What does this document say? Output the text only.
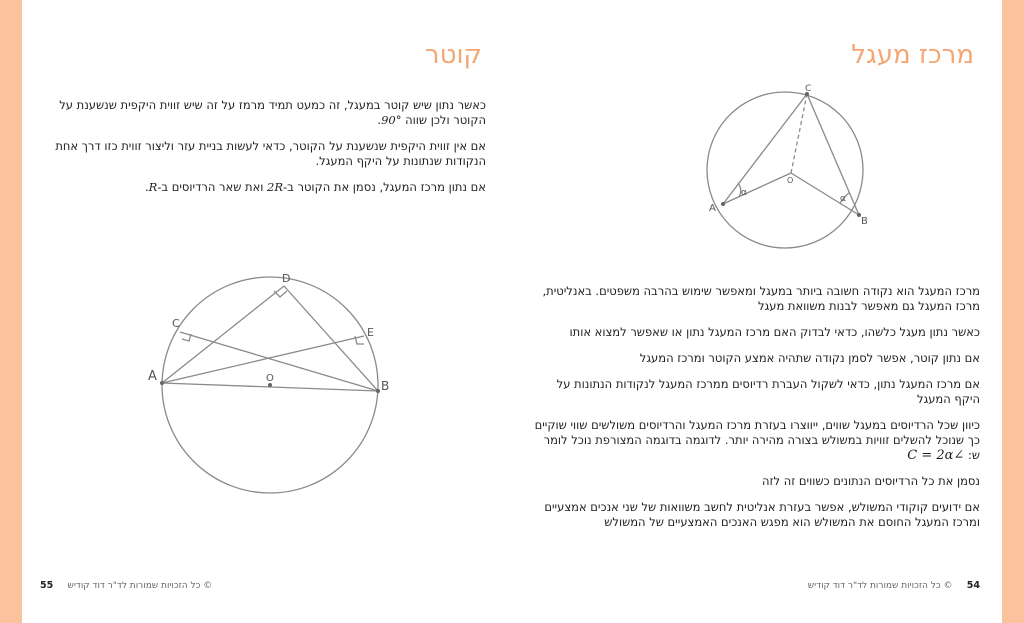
קוטר

כאשר נתון שיש קוטר במעגל, זה כמעט תמיד מרמז על זה שיש זווית היקפית שנשענת על הקוטר ולכן שווה 90°.

אם אין זווית היקפית שנשענת על הקוטר, כדאי לעשות בניית עזר וליצור זווית כזו דרך אחת הנקודות שנתונות על היקף המעגל.

אם נתון מרכז המעגל, נסמן את הקוטר ב-2R ואת שאר הרדיוסים ב-R.

A
B
C
D
E
O
© כל הזכויות שמורות לד"ר דוד קודיש     55
מרכז מעגל
A
B
C
O
α
α

מרכז המעגל הוא נקודה חשובה ביותר במעגל ומאפשר שימוש בהרבה משפטים. באנליטית, מרכז המעגל גם מאפשר לבנות משוואת מעגל

כאשר נתון מעגל כלשהו, כדאי לבדוק האם מרכז המעגל נתון או שאפשר למצוא אותו

אם נתון קוטר, אפשר לסמן נקודה שתהיה אמצע הקוטר ומרכז המעגל

אם מרכז המעגל נתון, כדאי לשקול העברת רדיוסים ממרכז המעגל לנקודות הנתונות על היקף המעגל

כיוון שכל הרדיוסים במעגל שווים, ייווצרו בעזרת מרכז המעגל והרדיוסים משולשים שווי שוקיים כך שנוכל להשלים זוויות במשולש בצורה מהירה יותר. לדוגמה בדוגמה המצורפת נוכל לומר ש: ∠C = 2α

נסמן את כל הרדיוסים הנתונים כשווים זה לזה

אם ידועים קוקודי המשולש, אפשר בעזרת אנליטית לחשב משוואות של שני אנכים אמצעיים ומרכז המעגל החוסם את המשולש הוא מפגש האנכים האמצעיים של המשולש

54     © כל הזכויות שמורות לד"ר דוד קודיש
